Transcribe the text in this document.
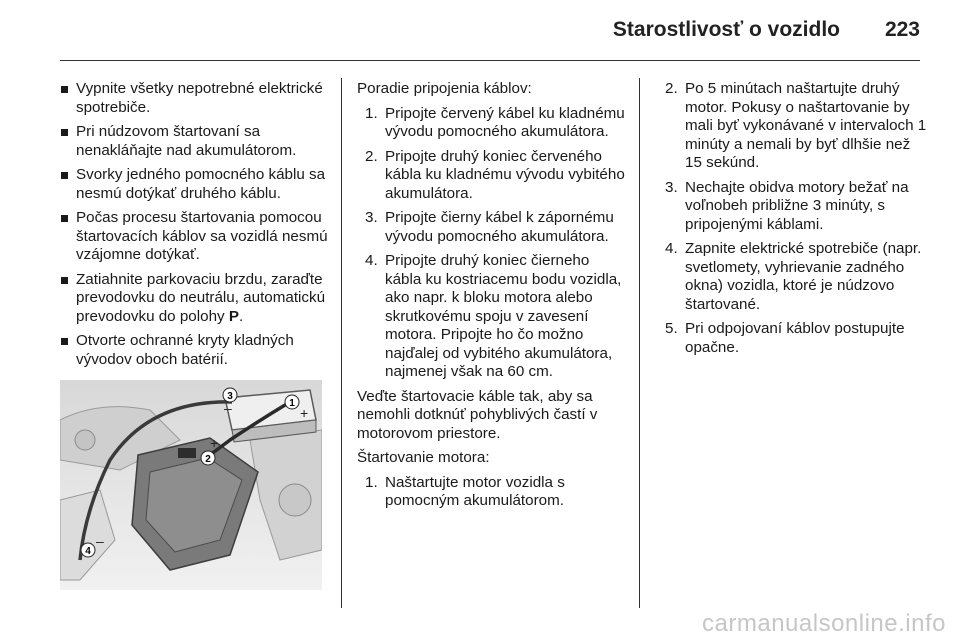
Starostlivosť o vozidlo 223
Vypnite všetky nepotrebné elektrické spotrebiče.
Pri núdzovom štartovaní sa nenakláňajte nad akumulátorom.
Svorky jedného pomocného káblu sa nesmú dotýkať druhého káblu.
Počas procesu štartovania pomocou štartovacích káblov sa vozidlá nesmú vzájomne dotýkať.
Zatiahnite parkovaciu brzdu, zaraďte prevodovku do neutrálu, automatickú prevodovku do polohy P.
Otvorte ochranné kryty kladných vývodov oboch batérií.
1
+
2
+
3
–
4
–

Poradie pripojenia káblov:

1. Pripojte červený kábel ku kladnému vývodu pomocného akumulátora.
2. Pripojte druhý koniec červeného kábla ku kladnému vývodu vybitého akumulátora.
3. Pripojte čierny kábel k zápornému vývodu pomocného akumulátora.
4. Pripojte druhý koniec čierneho kábla ku kostriacemu bodu vozidla, ako napr. k bloku motora alebo skrutkovému spoju v zavesení motora. Pripojte ho čo možno najďalej od vybitého akumulátora, najmenej však na 60 cm.

Veďte štartovacie káble tak, aby sa nemohli dotknúť pohyblivých častí v motorovom priestore.

Štartovanie motora:

1. Naštartujte motor vozidla s pomocným akumulátorom.
2. Po 5 minútach naštartujte druhý motor. Pokusy o naštartovanie by mali byť vykonávané v intervaloch 1 minúty a nemali by byť dlhšie než 15 sekúnd.
3. Nechajte obidva motory bežať na voľnobeh približne 3 minúty, s pripojenými káblami.
4. Zapnite elektrické spotrebiče (napr. svetlomety, vyhrievanie zadného okna) vozidla, ktoré je núdzovo štartované.
5. Pri odpojovaní káblov postupujte opačne.
carmanualsonline.info
